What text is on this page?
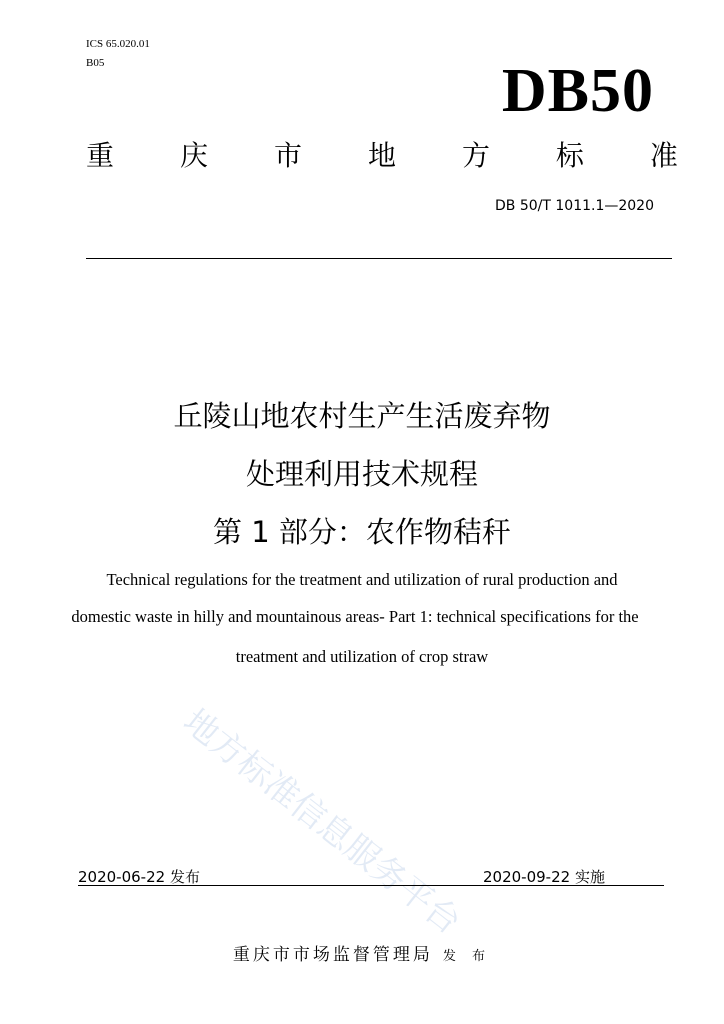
ICS 65.020.01
B05	DB50
重 庆 市 地 方 标 准
DB 50/T 1011.1—2020
丘陵山地农村生产生活废弃物
处理利用技术规程
第 1 部分：农作物秸秆
Technical regulations for the treatment and utilization of rural production and
domestic waste in hilly and mountainous areas- Part 1: technical specifications for the
treatment and utilization of crop straw
地方标准信息服务平台
2020-06-22 发布	2020-09-22 实施
重庆市市场监督管理局 发 布
